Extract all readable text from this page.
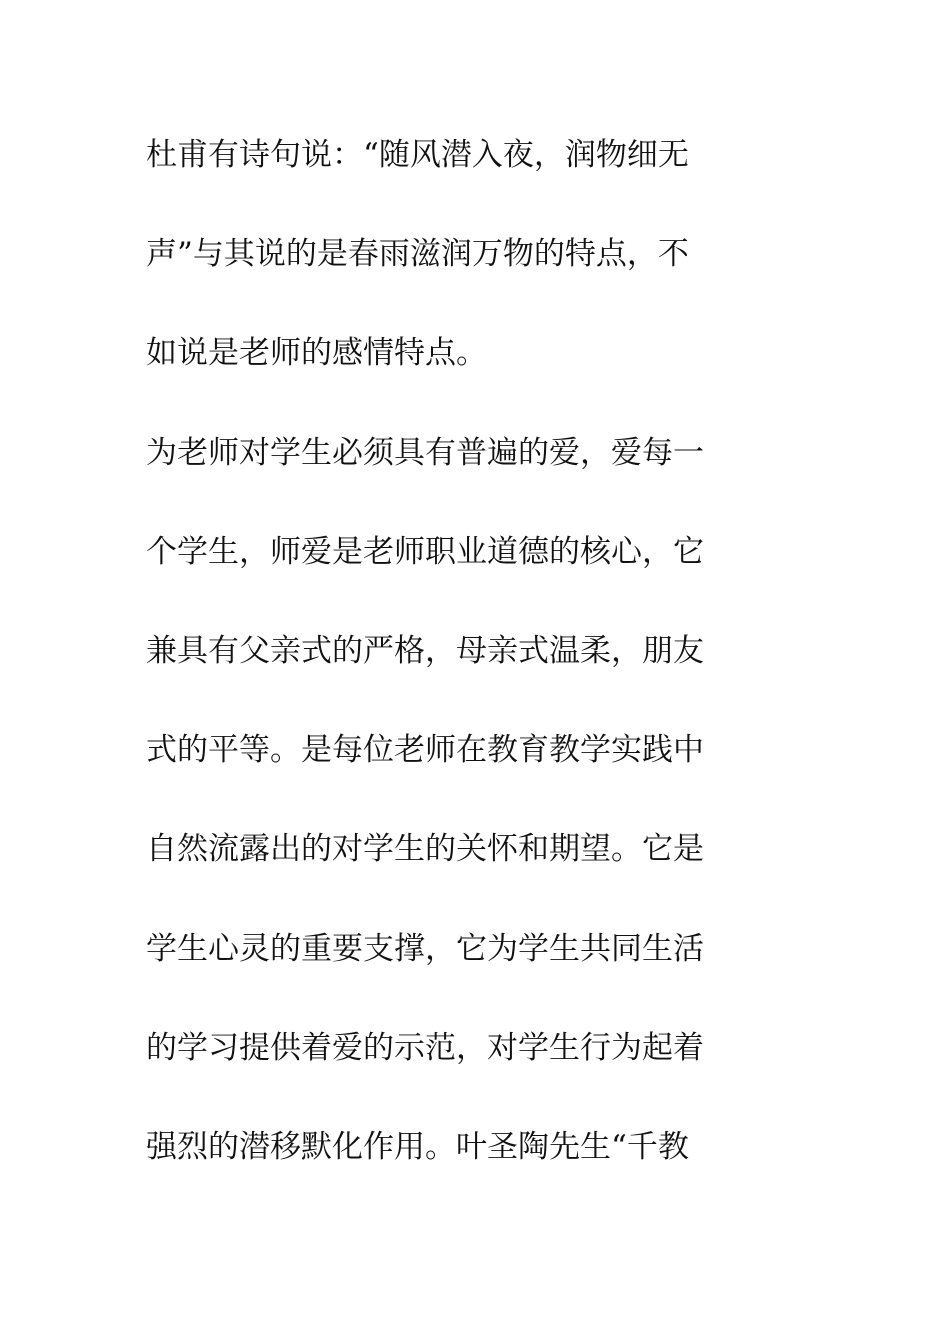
杜甫有诗句说：“随风潜入夜，润物细无
声”与其说的是春雨滋润万物的特点，不
如说是老师的感情特点。
为老师对学生必须具有普遍的爱，爱每一
个学生，师爱是老师职业道德的核心，它
兼具有父亲式的严格，母亲式温柔，朋友
式的平等。是每位老师在教育教学实践中
自然流露出的对学生的关怀和期望。它是
学生心灵的重要支撑，它为学生共同生活
的学习提供着爱的示范，对学生行为起着
强烈的潜移默化作用。叶圣陶先生“千教
